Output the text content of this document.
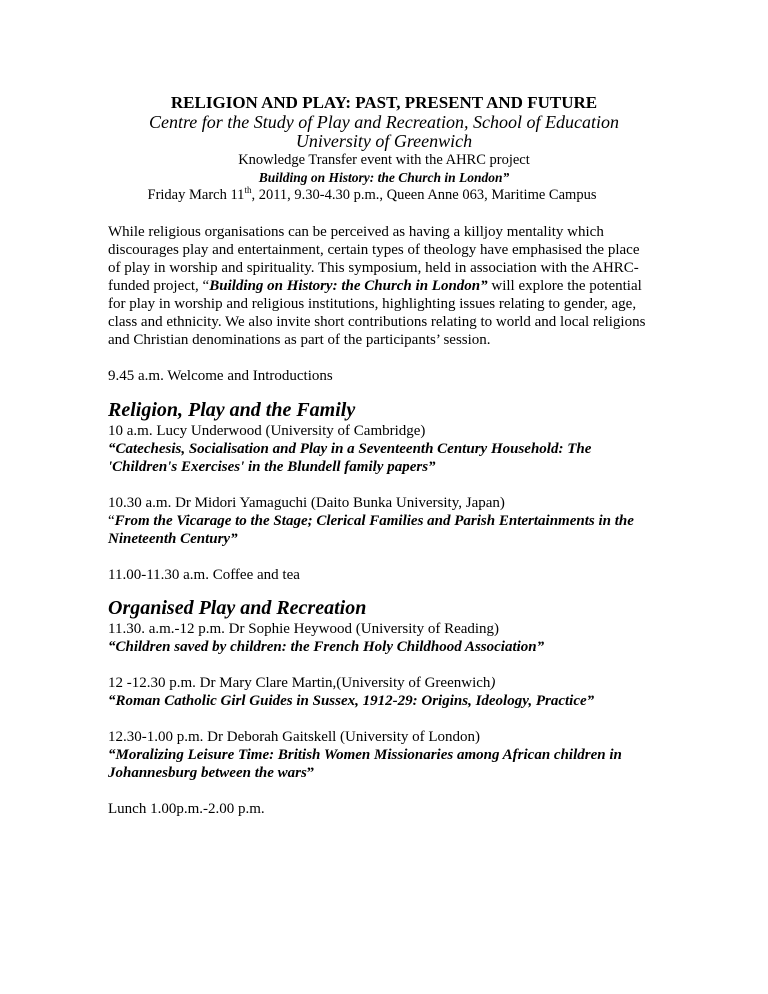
RELIGION AND PLAY: PAST, PRESENT AND FUTURE
Centre for the Study of Play and Recreation, School of Education
University of Greenwich
Knowledge Transfer event with the AHRC project
Building on History: the Church in London”
Friday March 11th, 2011, 9.30-4.30 p.m., Queen Anne 063, Maritime Campus
While religious organisations can be perceived as having a killjoy mentality which
discourages play and entertainment, certain types of theology have emphasised the place
of play in worship and spirituality. This symposium, held in association with the AHRC-
funded project, “Building on History: the Church in London” will explore the potential
for play in worship and religious institutions, highlighting issues relating to gender, age,
class and ethnicity. We also invite short contributions relating to world and local religions
and Christian denominations as part of the participants’ session.
9.45 a.m. Welcome and Introductions
Religion, Play and the Family
10 a.m. Lucy Underwood (University of Cambridge)
“Catechesis, Socialisation and Play in a Seventeenth Century Household: The
'Children's Exercises' in the Blundell family papers”
10.30 a.m. Dr Midori Yamaguchi (Daito Bunka University, Japan)
“From the Vicarage to the Stage; Clerical Families and Parish Entertainments in the
Nineteenth Century”
11.00-11.30 a.m. Coffee and tea
Organised Play and Recreation
11.30. a.m.-12 p.m. Dr Sophie Heywood (University of Reading)
“Children saved by children: the French Holy Childhood Association”
12 -12.30 p.m. Dr Mary Clare Martin,(University of Greenwich)
“Roman Catholic Girl Guides in Sussex, 1912-29: Origins, Ideology, Practice”
12.30-1.00 p.m. Dr Deborah Gaitskell (University of London)
“Moralizing Leisure Time: British Women Missionaries among African children in
Johannesburg between the wars”
Lunch 1.00p.m.-2.00 p.m.
